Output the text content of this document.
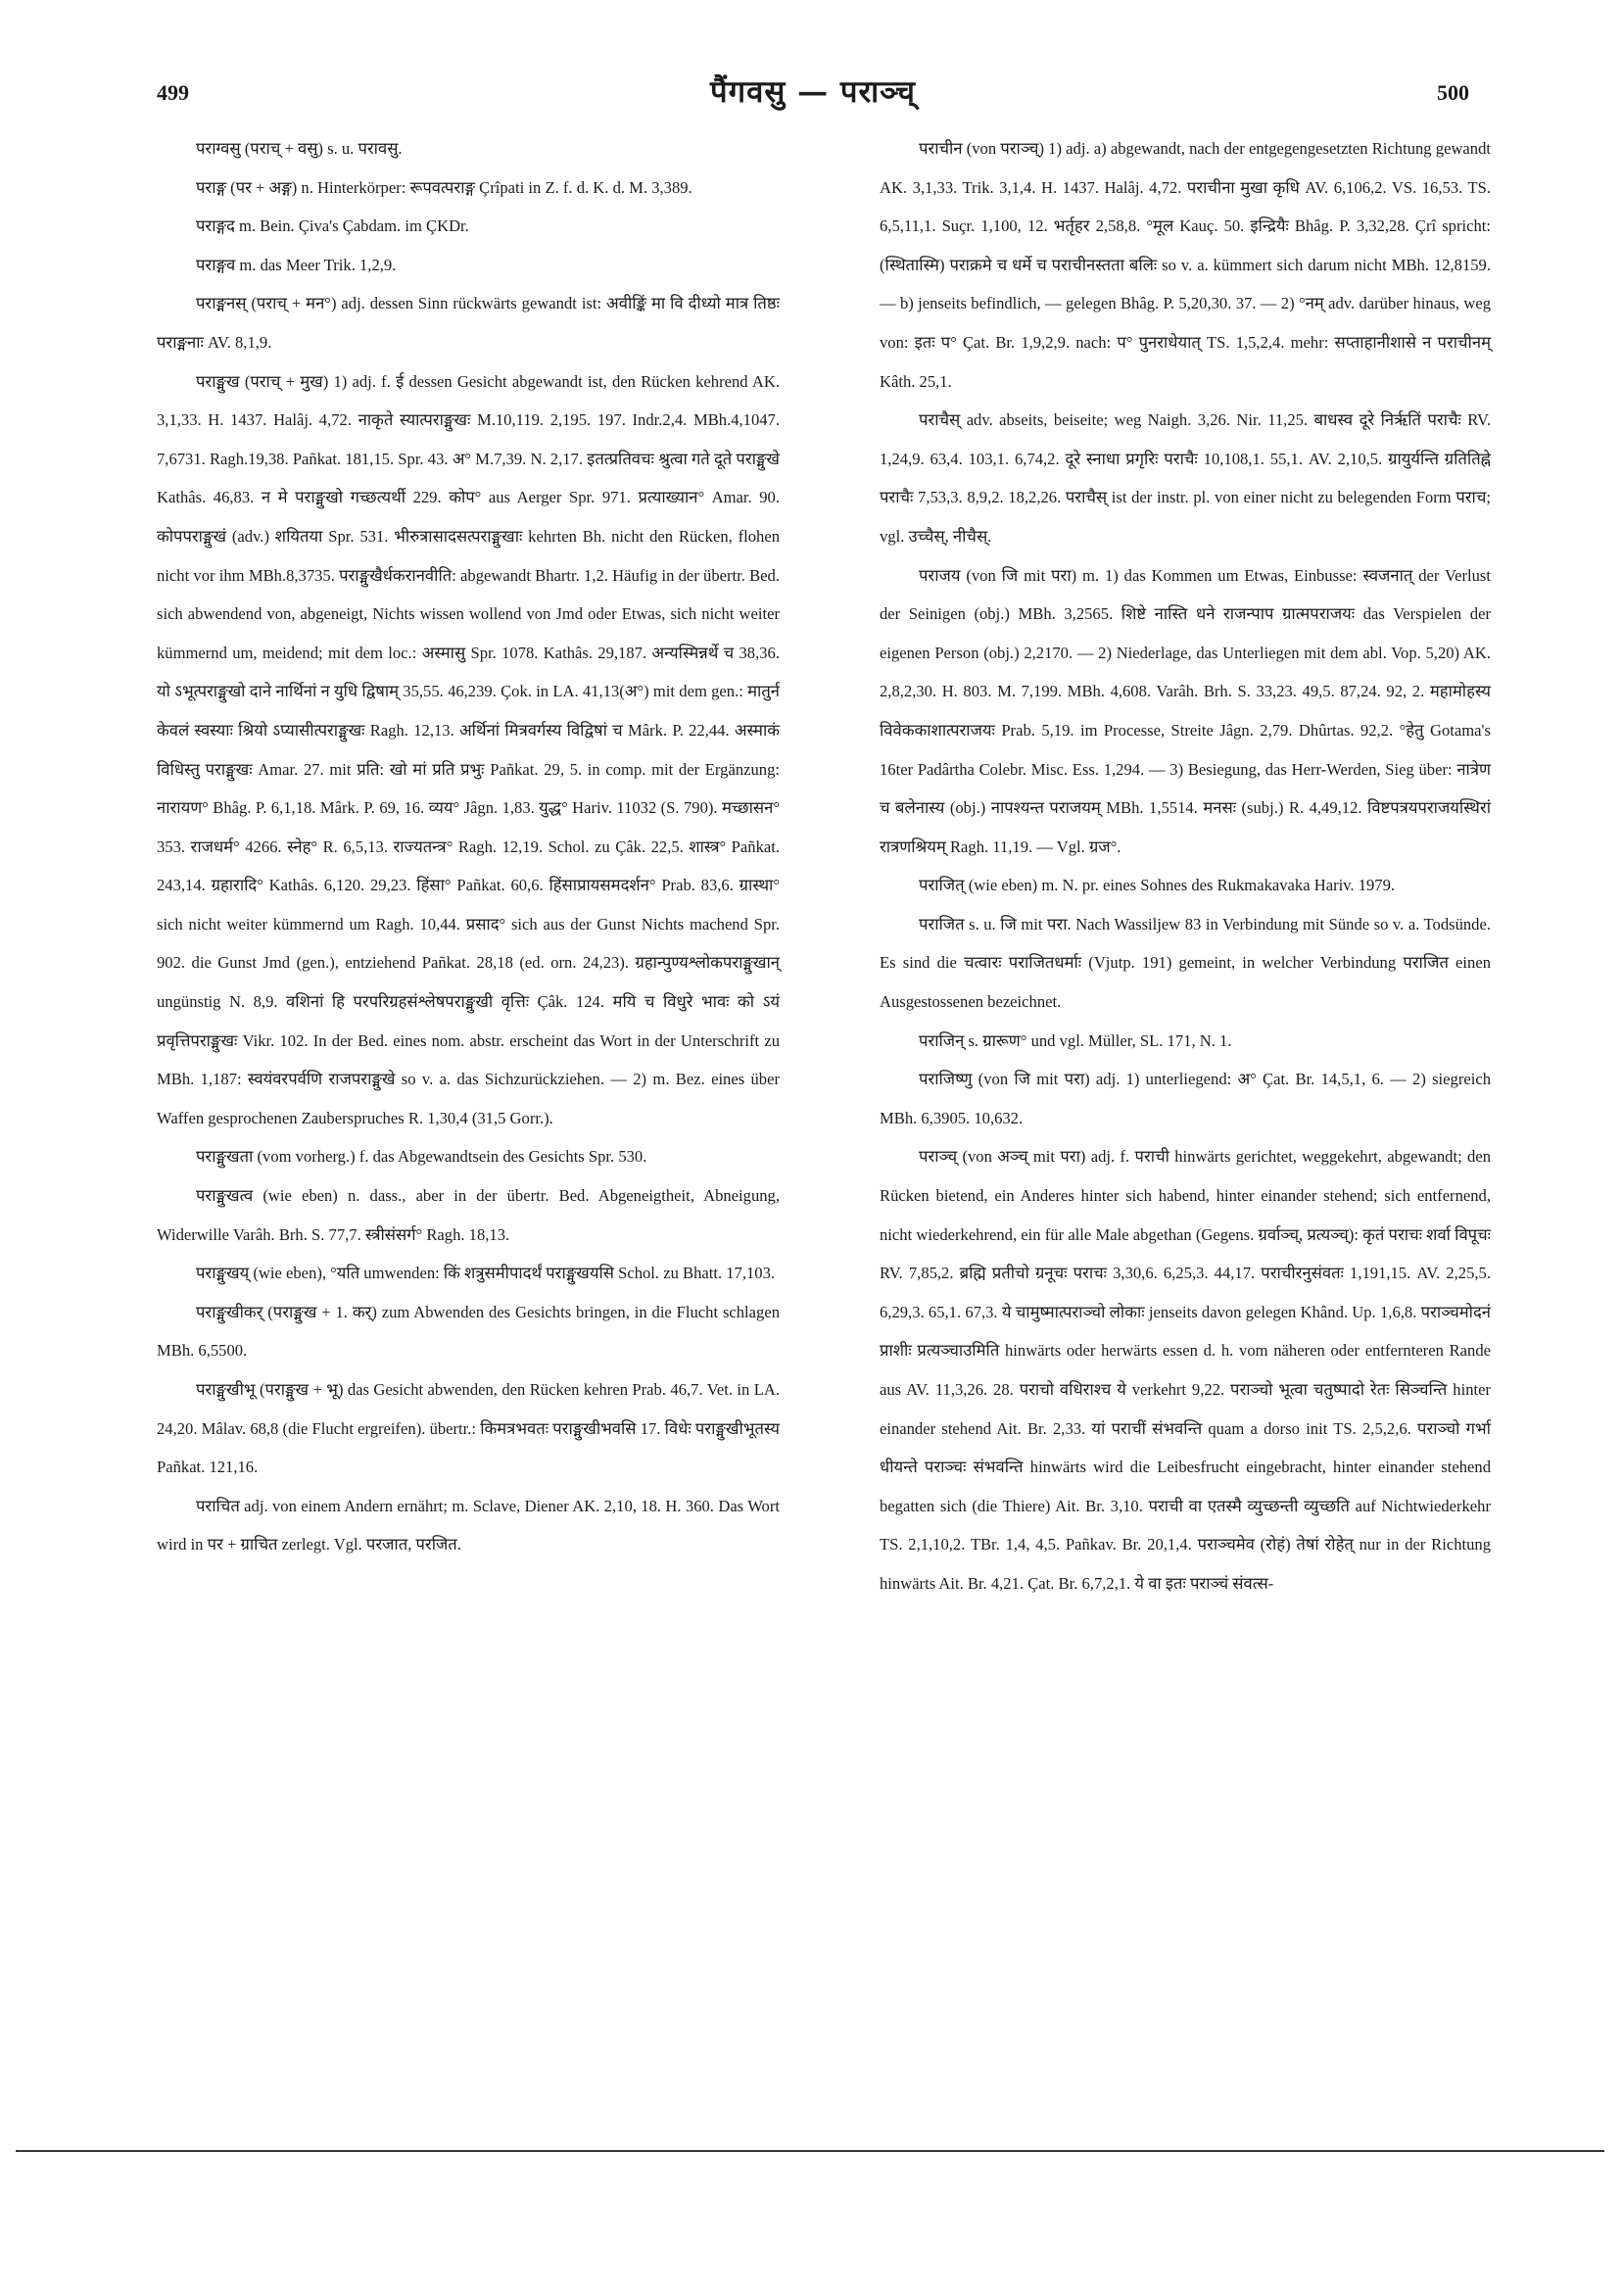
499	पैंगवसु — पराञ्च्	500

पराग्वसु (पराच् + वसु) s. u. परावसु.

पराङ्ग (पर + अङ्ग) n. Hinterkörper: रूपवत्पराङ्ग Çrîpati in Z. f. d. K. d. M. 3,389.

पराङ्गद m. Bein. Çiva's Çabdam. im ÇKDr.

पराङ्गव m. das Meer Trik. 1,2,9.

पराङ्मनस् (पराच् + मन°) adj. dessen Sinn rückwärts gewandt ist: अवीङ्किं मा वि दीध्यो मात्र तिष्ठः पराङ्मनाः AV. 8,1,9.

पराङ्मुख (पराच् + मुख) 1) adj. f. ई dessen Gesicht abgewandt ist, den Rücken kehrend AK. 3,1,33. H. 1437. Halâj. 4,72. नाकृते स्यात्पराङ्मुखः M.10,119. 2,195. 197. Indr.2,4. MBh.4,1047. 7,6731. Ragh.19,38. Pañkat. 181,15. Spr. 43. अ° M.7,39. N. 2,17. इतत्प्रतिवचः श्रुत्वा गते दूते पराङ्मुखे Kathâs. 46,83. न मे पराङ्मुखो गच्छत्यर्थी 229. कोप° aus Aerger Spr. 971. प्रत्याख्यान° Amar. 90. कोपपराङ्मुखं (adv.) शयितया Spr. 531. भीरुत्रासादसत्पराङ्मुखाः kehrten Bh. nicht den Rücken, flohen nicht vor ihm MBh.8,3735. पराङ्मुखैर्धकरानवीति: abgewandt Bhartr. 1,2. Häufig in der übertr. Bed. sich abwendend von, abgeneigt, Nichts wissen wollend von Jmd oder Etwas, sich nicht weiter kümmernd um, meidend; mit dem loc.: अस्मासु Spr. 1078. Kathâs. 29,187. अन्यस्मिन्नर्थे च 38,36. यो ऽभूत्पराङ्मुखो दाने नार्थिनां न युधि द्विषाम् 35,55. 46,239. Çok. in LA. 41,13(अ°) mit dem gen.: मातुर्न केवलं स्वस्याः श्रियो ऽप्यासीत्पराङ्मुखः Ragh. 12,13. अर्थिनां मित्रवर्गस्य विद्विषां च Mârk. P. 22,44. अस्माकं विधिस्तु पराङ्मुखः Amar. 27. mit प्रति: खो मां प्रति प्रभुः Pañkat. 29, 5. in comp. mit der Ergänzung: नारायण° Bhâg. P. 6,1,18. Mârk. P. 69, 16. व्यय° Jâgn. 1,83. युद्ध° Hariv. 11032 (S. 790). मच्छासन° 353. राजधर्म° 4266. स्नेह° R. 6,5,13. राज्यतन्त्र° Ragh. 12,19. Schol. zu Çâk. 22,5. शास्त्र° Pañkat. 243,14. ग्रहारादि° Kathâs. 6,120. 29,23. हिंसा° Pañkat. 60,6. हिंसाप्रायसमदर्शन° Prab. 83,6. ग्रास्था° sich nicht weiter kümmernd um Ragh. 10,44. प्रसाद° sich aus der Gunst Nichts machend Spr. 902. die Gunst Jmd (gen.), entziehend Pañkat. 28,18 (ed. orn. 24,23). ग्रहान्पुण्यश्लोकपराङ्मुखान् ungünstig N. 8,9. वशिनां हि परपरिग्रहसंश्लेषपराङ्मुखी वृत्तिः Çâk. 124. मयि च विधुरे भावः को ऽयं प्रवृत्तिपराङ्मुखः Vikr. 102. In der Bed. eines nom. abstr. erscheint das Wort in der Unterschrift zu MBh. 1,187: स्वयंवरपर्वणि राजपराङ्मुखे so v. a. das Sichzurückziehen. — 2) m. Bez. eines über Waffen gesprochenen Zauberspruches R. 1,30,4 (31,5 Gorr.).

पराङ्मुखता (vom vorherg.) f. das Abgewandtsein des Gesichts Spr. 530.

पराङ्मुखत्व (wie eben) n. dass., aber in der übertr. Bed. Abgeneigtheit, Abneigung, Widerwille Varâh. Brh. S. 77,7. स्त्रीसंसर्ग° Ragh. 18,13.

पराङ्मुखय् (wie eben), °यति umwenden: किं शत्रुसमीपादर्थं पराङ्मुखयसि Schol. zu Bhatt. 17,103.

पराङ्मुखीकर् (पराङ्मुख + 1. कर्) zum Abwenden des Gesichts bringen, in die Flucht schlagen MBh. 6,5500.

पराङ्मुखीभू (पराङ्मुख + भू) das Gesicht abwenden, den Rücken kehren Prab. 46,7. Vet. in LA. 24,20. Mâlav. 68,8 (die Flucht ergreifen). übertr.: किमत्रभवतः पराङ्मुखीभवसि 17. विधेः पराङ्मुखीभूतस्य Pañkat. 121,16.

पराचित adj. von einem Andern ernährt; m. Sclave, Diener AK. 2,10, 18. H. 360. Das Wort wird in पर + ग्राचित zerlegt. Vgl. परजात, परजित.

पराचीन (von पराञ्च्) 1) adj. a) abgewandt, nach der entgegengesetzten Richtung gewandt AK. 3,1,33. Trik. 3,1,4. H. 1437. Halâj. 4,72. पराचीना मुखा कृधि AV. 6,106,2. VS. 16,53. TS. 6,5,11,1. Suçr. 1,100, 12. भर्तृहर 2,58,8. °मूल Kauç. 50. इन्द्रियैः Bhâg. P. 3,32,28. Çrî spricht: (स्थितास्मि) पराक्रमे च धर्मे च पराचीनस्तता बलिः so v. a. kümmert sich darum nicht MBh. 12,8159. — b) jenseits befindlich, — gelegen Bhâg. P. 5,20,30. 37. — 2) °नम् adv. darüber hinaus, weg von: इतः प° Çat. Br. 1,9,2,9. nach: प° पुनराधेयात् TS. 1,5,2,4. mehr: सप्ताहानीशासे न पराचीनम् Kâth. 25,1.

पराचैस् adv. abseits, beiseite; weg Naigh. 3,26. Nir. 11,25. बाधस्व दूरे निर्ऋतिं पराचैः RV. 1,24,9. 63,4. 103,1. 6,74,2. दूरे स्नाधा प्रगृरिः पराचैः 10,108,1. 55,1. AV. 2,10,5. ग्रायुर्यन्ति ग्रतितिह्ने पराचैः 7,53,3. 8,9,2. 18,2,26. पराचैस् ist der instr. pl. von einer nicht zu belegenden Form पराच; vgl. उच्चैस्, नीचैस्.

पराजय (von जि mit परा) m. 1) das Kommen um Etwas, Einbusse: स्वजनात् der Verlust der Seinigen (obj.) MBh. 3,2565. शिष्टे नास्ति धने राजन्पाप ग्रात्मपराजयः das Verspielen der eigenen Person (obj.) 2,2170. — 2) Niederlage, das Unterliegen mit dem abl. Vop. 5,20) AK. 2,8,2,30. H. 803. M. 7,199. MBh. 4,608. Varâh. Brh. S. 33,23. 49,5. 87,24. 92, 2. महामोहस्य विवेककाशात्पराजयः Prab. 5,19. im Processe, Streite Jâgn. 2,79. Dhûrtas. 92,2. °हेतु Gotama's 16ter Padârtha Colebr. Misc. Ess. 1,294. — 3) Besiegung, das Herr-Werden, Sieg über: नात्रेण च बलेनास्य (obj.) नापश्यन्त पराजयम् MBh. 1,5514. मनसः (subj.) R. 4,49,12. विष्टपत्रयपराजयस्थिरां रात्रणश्रियम् Ragh. 11,19. — Vgl. ग्रज°.

पराजित् (wie eben) m. N. pr. eines Sohnes des Rukmakavaka Hariv. 1979.

पराजित s. u. जि mit परा. Nach Wassiljew 83 in Verbindung mit Sünde so v. a. Todsünde. Es sind die चत्वारः पराजितधर्माः (Vjutp. 191) gemeint, in welcher Verbindung पराजित einen Ausgestossenen bezeichnet.

पराजिन् s. ग्रारूण° und vgl. Müller, SL. 171, N. 1.

पराजिष्णु (von जि mit परा) adj. 1) unterliegend: अ° Çat. Br. 14,5,1, 6. — 2) siegreich MBh. 6,3905. 10,632.

पराञ्च् (von अञ्च् mit परा) adj. f. पराची hinwärts gerichtet, weggekehrt, abgewandt; den Rücken bietend, ein Anderes hinter sich habend, hinter einander stehend; sich entfernend, nicht wiederkehrend, ein für alle Male abgethan (Gegens. ग्रर्वाञ्च्, प्रत्यञ्च्): कृतं पराचः शर्वा विपूचः RV. 7,85,2. ब्रह्मि प्रतीचो ग्रनूचः पराचः 3,30,6. 6,25,3. 44,17. पराचीरनुसंवतः 1,191,15. AV. 2,25,5. 6,29,3. 65,1. 67,3. ये चामुष्मात्पराञ्चो लोकाः jenseits davon gelegen Khând. Up. 1,6,8. पराञ्चमोदनं प्राशीः प्रत्यञ्चाउमिति hinwärts oder herwärts essen d. h. vom näheren oder entfernteren Rande aus AV. 11,3,26. 28. पराचो वधिराश्च ये verkehrt 9,22. पराञ्चो भूत्वा चतुष्पादो रेतः सिञ्चन्ति hinter einander stehend Ait. Br. 2,33. यां पराचीं संभवन्ति quam a dorso init TS. 2,5,2,6. पराञ्चो गर्भा धीयन्ते पराञ्चः संभवन्ति hinwärts wird die Leibesfrucht eingebracht, hinter einander stehend begatten sich (die Thiere) Ait. Br. 3,10. पराची वा एतस्मै व्युच्छन्ती व्युच्छति auf Nichtwiederkehr TS. 2,1,10,2. TBr. 1,4, 4,5. Pañkav. Br. 20,1,4. पराञ्चमेव (रोहं) तेषां रोहेत् nur in der Richtung hinwärts Ait. Br. 4,21. Çat. Br. 6,7,2,1. ये वा इतः पराञ्चं संवत्स-
